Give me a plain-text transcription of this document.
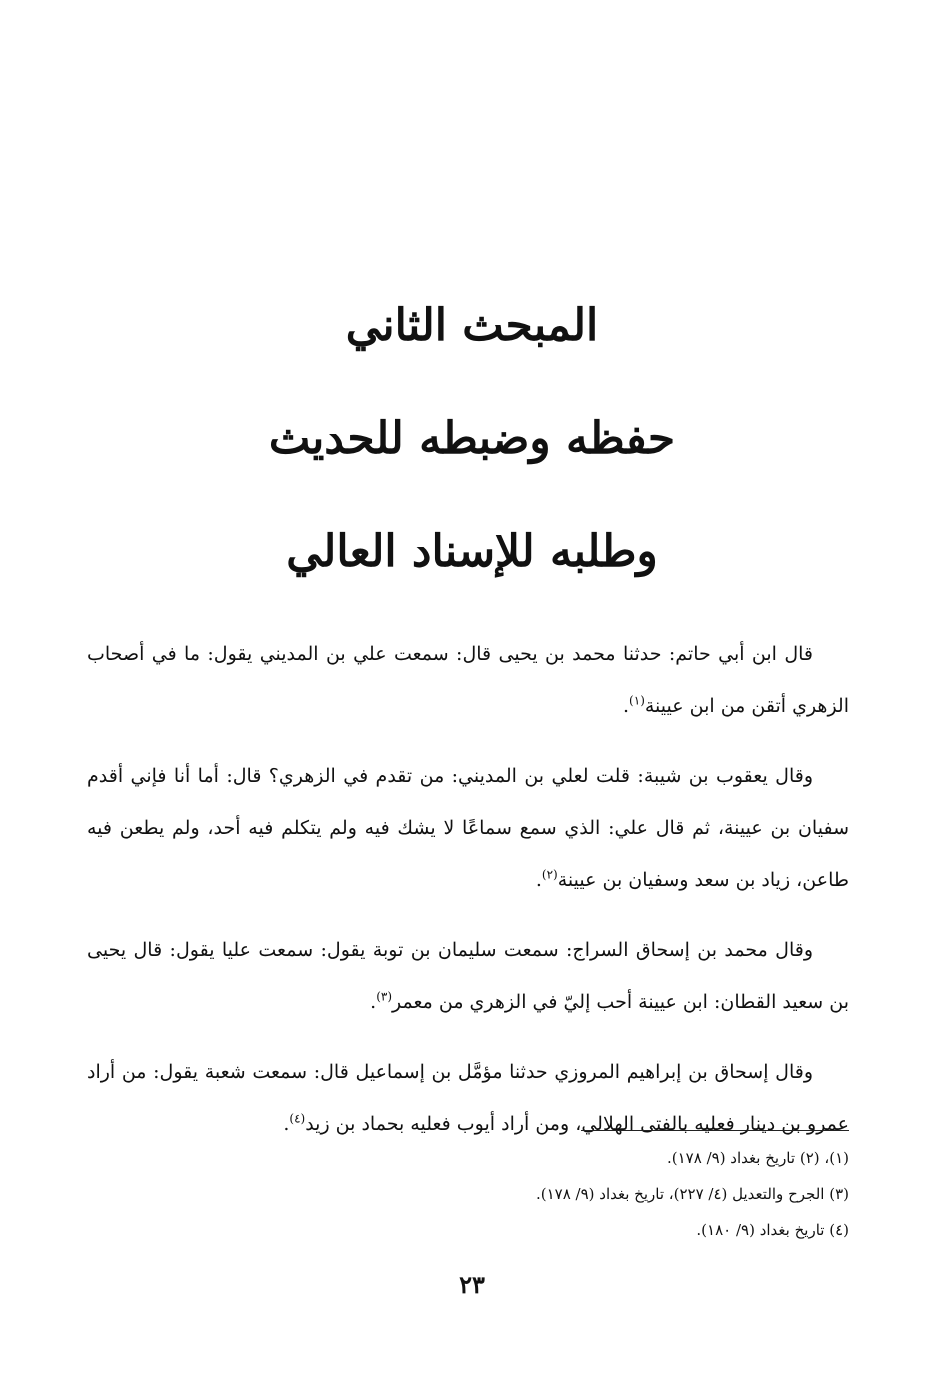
المبحث الثاني
حفظه وضبطه للحديث
وطلبه للإسناد العالي

قال ابن أبي حاتم: حدثنا محمد بن يحيى قال: سمعت علي بن المديني يقول: ما في أصحاب الزهري أتقن من ابن عيينة$^{(١)}$.

وقال يعقوب بن شيبة: قلت لعلي بن المديني: من تقدم في الزهري؟ قال: أما أنا فإني أقدم سفيان بن عيينة، ثم قال علي: الذي سمع سماعًا لا يشك فيه ولم يتكلم فيه أحد، ولم يطعن فيه طاعن، زياد بن سعد وسفيان بن عيينة$^{(٢)}$.

وقال محمد بن إسحاق السراج: سمعت سليمان بن توبة يقول: سمعت عليا يقول: قال يحيى بن سعيد القطان: ابن عيينة أحب إليّ في الزهري من معمر$^{(٣)}$.

وقال إسحاق بن إبراهيم المروزي حدثنا مؤمَّل بن إسماعيل قال: سمعت شعبة يقول: من أراد عمرو بن دينار فعليه بالفتى الهلالي، ومن أراد أيوب فعليه بحماد بن زيد$^{(٤)}$.

(١)، (٢) تاريخ بغداد (٩/ ١٧٨).
(٣) الجرح والتعديل (٤/ ٢٢٧)، تاريخ بغداد (٩/ ١٧٨).
(٤) تاريخ بغداد (٩/ ١٨٠).
٢٣
